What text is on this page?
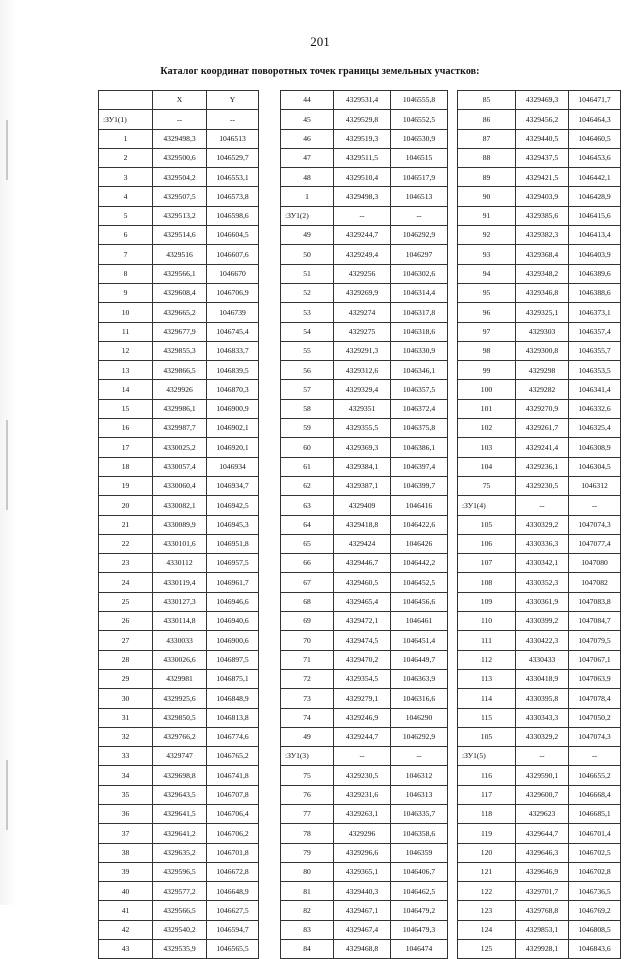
201
Каталог координат поворотных точек границы земельных участков:
	X	Y
:ЗУ1(1)	--	--
1	4329498,3	1046513
2	4329500,6	1046529,7
3	4329504,2	1046553,1
4	4329507,5	1046573,8
5	4329513,2	1046598,6
6	4329514,6	1046604,5
7	4329516	1046607,6
8	4329566,1	1046670
9	4329608,4	1046706,9
10	4329665,2	1046739
11	4329677,9	1046745,4
12	4329855,3	1046833,7
13	4329866,5	1046839,5
14	4329926	1046870,3
15	4329986,1	1046900,9
16	4329987,7	1046902,1
17	4330025,2	1046920,1
18	4330057,4	1046934
19	4330060,4	1046934,7
20	4330082,1	1046942,5
21	4330089,9	1046945,3
22	4330101,6	1046951,8
23	4330112	1046957,5
24	4330119,4	1046961,7
25	4330127,3	1046946,6
26	4330114,8	1046940,6
27	4330033	1046900,6
28	4330026,6	1046897,5
29	4329981	1046875,1
30	4329925,6	1046848,9
31	4329850,5	1046813,8
32	4329766,2	1046774,6
33	4329747	1046765,2
34	4329698,8	1046741,8
35	4329643,5	1046707,8
36	4329641,5	1046706,4
37	4329641,2	1046706,2
38	4329635,2	1046701,8
39	4329596,5	1046672,8
40	4329577,2	1046648,9
41	4329566,5	1046627,5
42	4329540,2	1046594,7
43	4329535,9	1046565,5
44	4329531,4	1046555,8
45	4329529,8	1046552,5
46	4329519,3	1046530,9
47	4329511,5	1046515
48	4329510,4	1046517,9
1	4329498,3	1046513
:ЗУ1(2)	--	--
49	4329244,7	1046292,9
50	4329249,4	1046297
51	4329256	1046302,6
52	4329269,9	1046314,4
53	4329274	1046317,8
54	4329275	1046318,6
55	4329291,3	1046330,9
56	4329312,6	1046346,1
57	4329329,4	1046357,5
58	4329351	1046372,4
59	4329355,5	1046375,8
60	4329369,3	1046386,1
61	4329384,1	1046397,4
62	4329387,1	1046399,7
63	4329409	1046416
64	4329418,8	1046422,6
65	4329424	1046426
66	4329446,7	1046442,2
67	4329460,5	1046452,5
68	4329465,4	1046456,6
69	4329472,1	1046461
70	4329474,5	1046451,4
71	4329470,2	1046449,7
72	4329354,5	1046363,9
73	4329279,1	1046316,6
74	4329246,9	1046290
49	4329244,7	1046292,9
:ЗУ1(3)	--	--
75	4329230,5	1046312
76	4329231,6	1046313
77	4329263,1	1046335,7
78	4329296	1046358,6
79	4329296,6	1046359
80	4329365,1	1046406,7
81	4329440,3	1046462,5
82	4329467,1	1046479,2
83	4329467,4	1046479,3
84	4329468,8	1046474
85	4329469,3	1046471,7
86	4329456,2	1046464,3
87	4329440,5	1046460,5
88	4329437,5	1046453,6
89	4329421,5	1046442,1
90	4329403,9	1046428,9
91	4329385,6	1046415,6
92	4329382,3	1046413,4
93	4329368,4	1046403,9
94	4329348,2	1046389,6
95	4329346,8	1046388,6
96	4329325,1	1046373,1
97	4329303	1046357,4
98	4329300,8	1046355,7
99	4329298	1046353,5
100	4329282	1046341,4
101	4329270,9	1046332,6
102	4329261,7	1046325,4
103	4329241,4	1046308,9
104	4329236,1	1046304,5
75	4329230,5	1046312
:ЗУ1(4)	--	--
105	4330329,2	1047074,3
106	4330336,3	1047077,4
107	4330342,1	1047080
108	4330352,3	1047082
109	4330361,9	1047083,8
110	4330399,2	1047084,7
111	4330422,3	1047079,5
112	4330433	1047067,1
113	4330418,9	1047063,9
114	4330395,8	1047078,4
115	4330343,3	1047050,2
105	4330329,2	1047074,3
:ЗУ1(5)	--	--
116	4329590,1	1046655,2
117	4329600,7	1046668,4
118	4329623	1046685,1
119	4329644,7	1046701,4
120	4329646,3	1046702,5
121	4329646,9	1046702,8
122	4329701,7	1046736,5
123	4329768,8	1046769,2
124	4329853,1	1046808,5
125	4329928,1	1046843,6
